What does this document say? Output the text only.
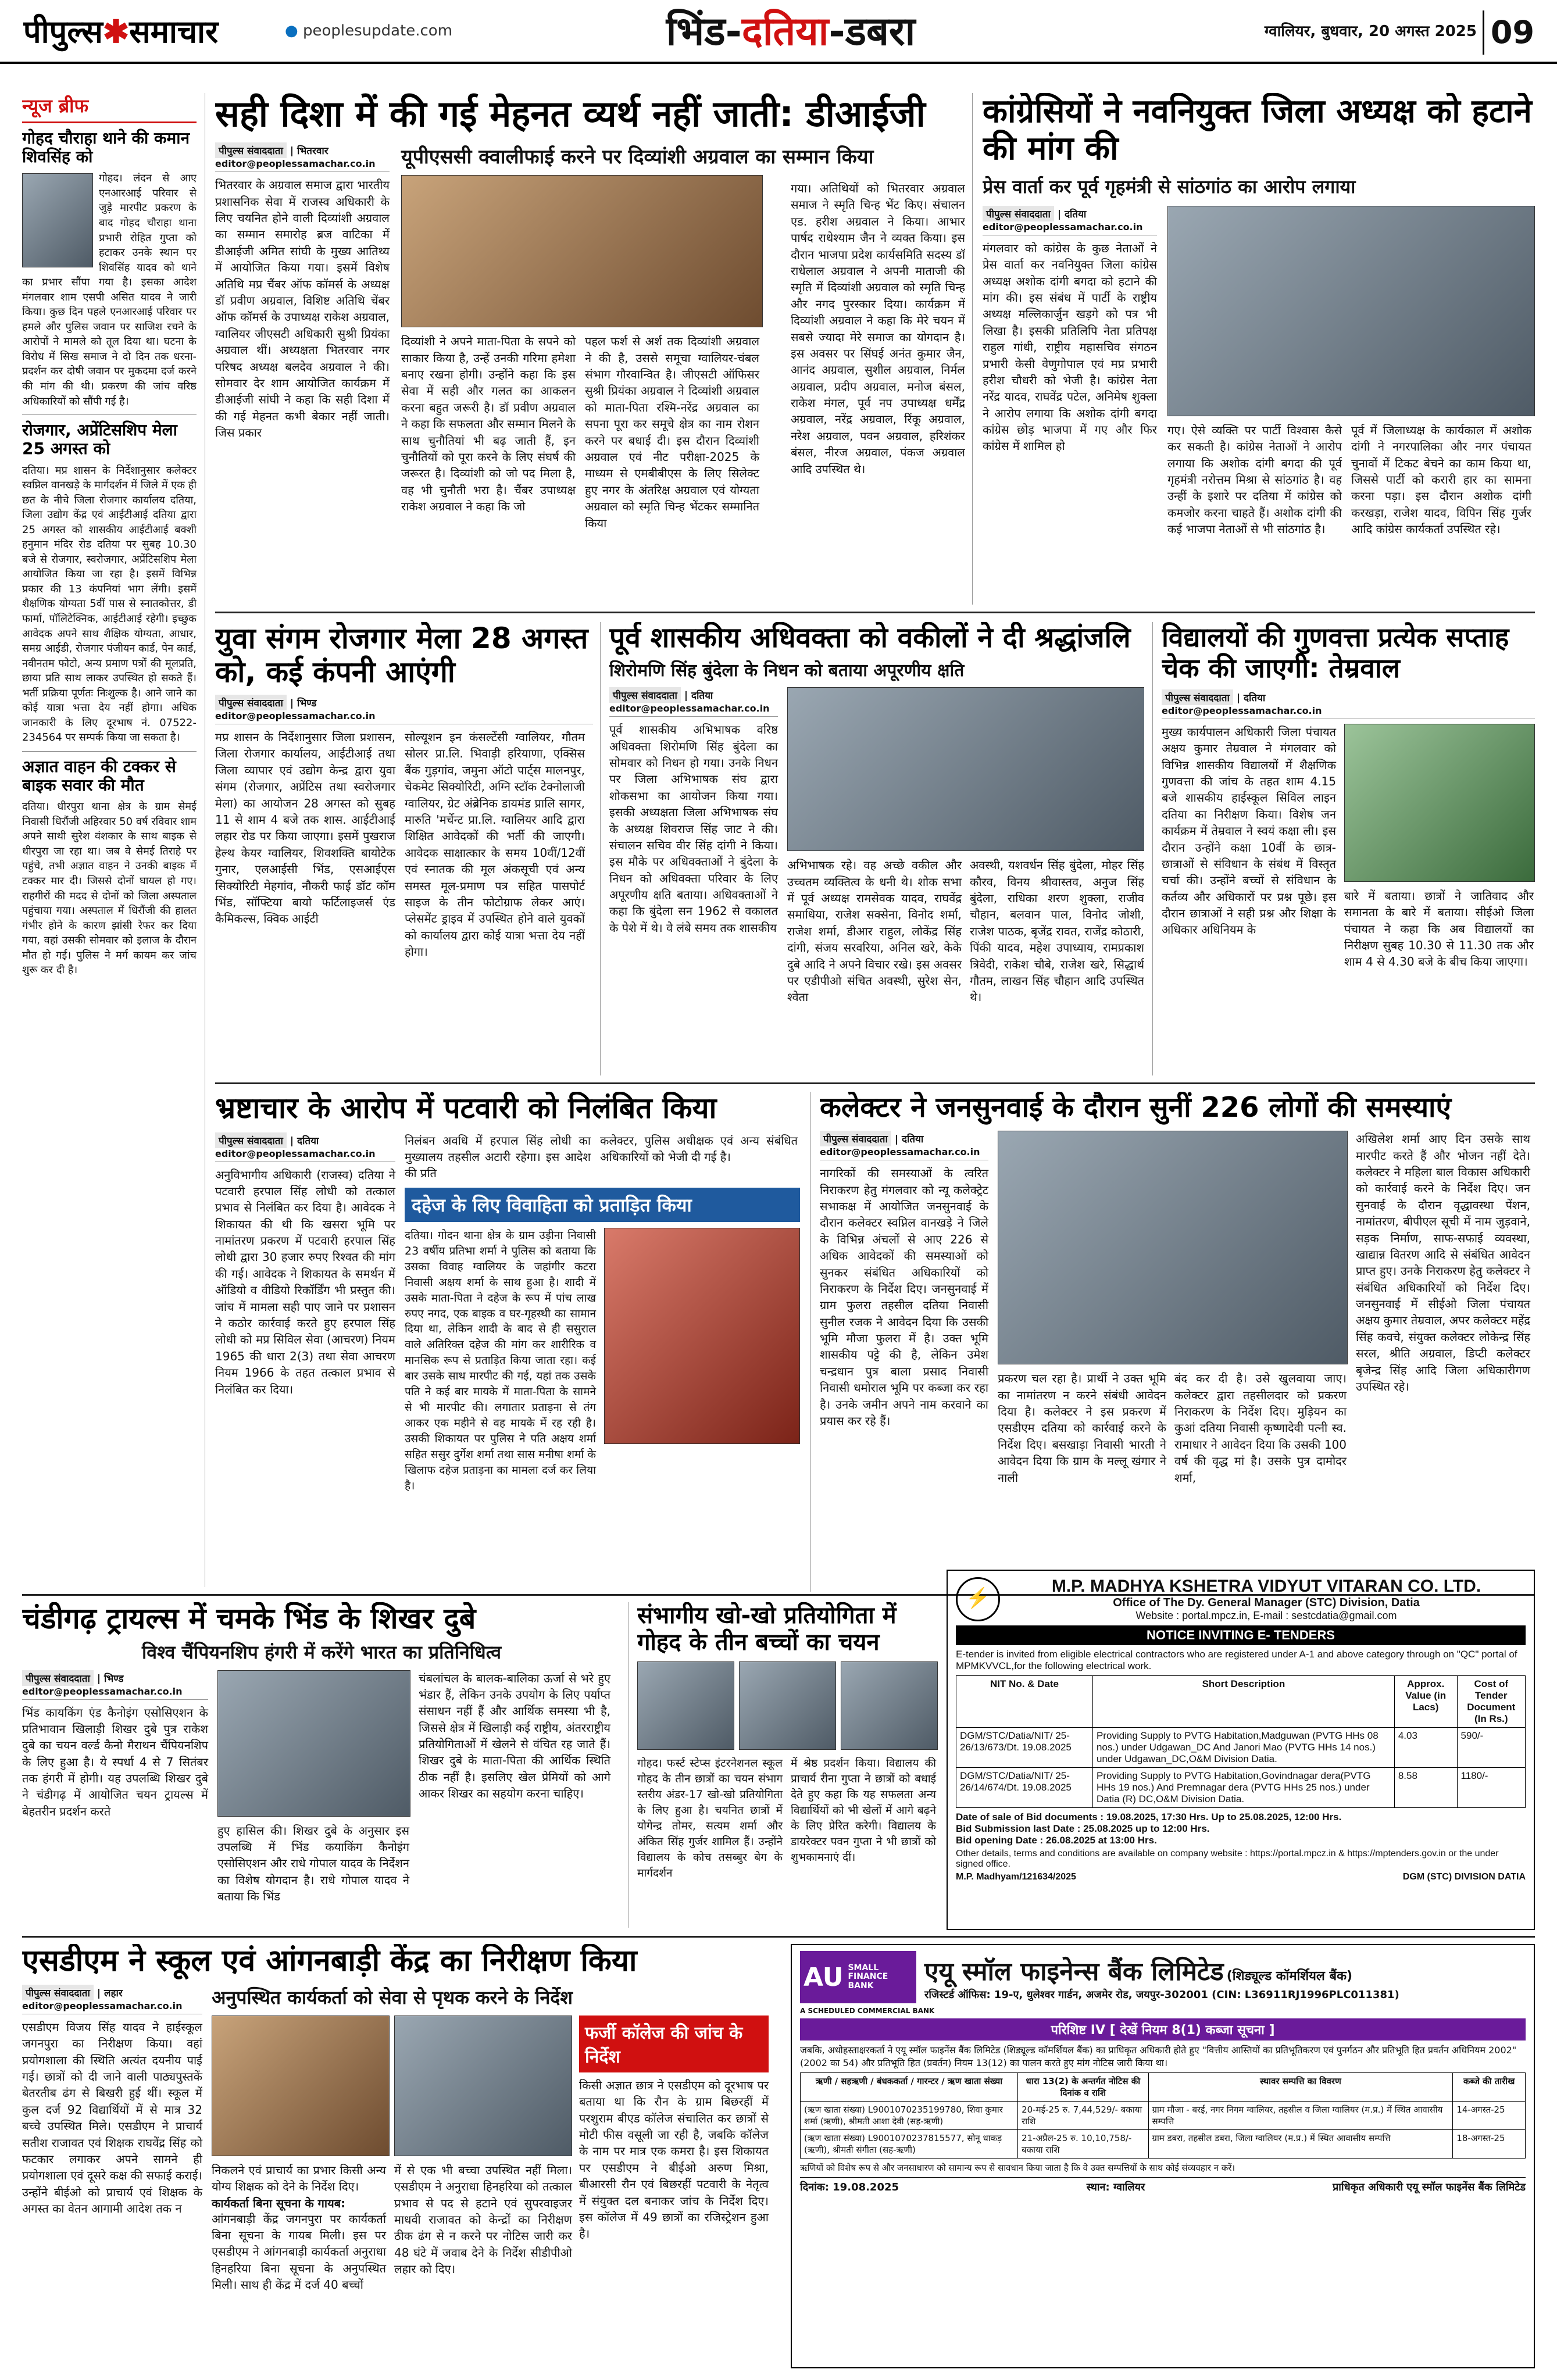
पीपुल्स✱समाचार	● peoplesupdate.com	भिंड-दतिया-डबरा	ग्वालियर, बुधवार, 20 अगस्त 2025 09
न्यूज ब्रीफ
गोहद चौराहा थाने की कमान शिवसिंह को
गोहद। लंदन से आए एनआरआई परिवार से जुड़े मारपीट प्रकरण के बाद गोहद चौराहा थाना प्रभारी रोहित गुप्ता को हटाकर उनके स्थान पर शिवसिंह यादव को थाने का प्रभार सौंपा गया है। इसका आदेश मंगलवार शाम एसपी असित यादव ने जारी किया। कुछ दिन पहले एनआरआई परिवार पर हमले और पुलिस जवान पर साजिश रचने के आरोपों ने मामले को तूल दिया था। घटना के विरोध में सिख समाज ने दो दिन तक धरना-प्रदर्शन कर दोषी जवान पर मुकदमा दर्ज करने की मांग की थी। प्रकरण की जांच वरिष्ठ अधिकारियों को सौंपी गई है।
रोजगार, अप्रेंटिसशिप मेला 25 अगस्त को
दतिया। मप्र शासन के निर्देशानुसार कलेक्टर स्वप्निल वानखड़े के मार्गदर्शन में जिले में एक ही छत के नीचे जिला रोजगार कार्यालय दतिया, जिला उद्योग केंद्र एवं आईटीआई दतिया द्वारा 25 अगस्त को शासकीय आईटीआई बक्शी हनुमान मंदिर रोड दतिया पर सुबह 10.30 बजे से रोजगार, स्वरोजगार, अप्रेंटिसशिप मेला आयोजित किया जा रहा है। इसमें विभिन्न प्रकार की 13 कंपनियां भाग लेंगी। इसमें शैक्षणिक योग्यता 5वीं पास से स्नातकोत्तर, डी फार्मा, पॉलिटेक्निक, आईटीआई रहेगी। इच्छुक आवेदक अपने साथ शैक्षिक योग्यता, आधार, समग्र आईडी, रोजगार पंजीयन कार्ड, पेन कार्ड, नवीनतम फोटो, अन्य प्रमाण पत्रों की मूलप्रति, छाया प्रति साथ लाकर उपस्थित हो सकते हैं। भर्ती प्रक्रिया पूर्णतः निःशुल्क है। आने जाने का कोई यात्रा भत्ता देय नहीं होगा। अधिक जानकारी के लिए दूरभाष नं. 07522-234564 पर सम्पर्क किया जा सकता है।
अज्ञात वाहन की टक्कर से बाइक सवार की मौत
दतिया। धीरपुरा थाना क्षेत्र के ग्राम सेमई निवासी धिरौंजी अहिरवार 50 वर्ष रविवार शाम अपने साथी सुरेश वंशकार के साथ बाइक से धीरपुरा जा रहा था। जब वे सेमई तिराहे पर पहुंचे, तभी अज्ञात वाहन ने उनकी बाइक में टक्कर मार दी। जिससे दोनों घायल हो गए। राहगीरों की मदद से दोनों को जिला अस्पताल पहुंचाया गया। अस्पताल में धिरौंजी की हालत गंभीर होने के कारण झांसी रेफर कर दिया गया, वहां उसकी सोमवार को इलाज के दौरान मौत हो गई। पुलिस ने मर्ग कायम कर जांच शुरू कर दी है।
सही दिशा में की गई मेहनत व्यर्थ नहीं जाती: डीआईजी
पीपुल्स संवाददाता | भितरवार
editor@peoplessamachar.co.in
भितरवार के अग्रवाल समाज द्वारा भारतीय प्रशासनिक सेवा में राजस्व अधिकारी के लिए चयनित होने वाली दिव्यांशी अग्रवाल का सम्मान समारोह ब्रज वाटिका में डीआईजी अमित सांघी के मुख्य आतिथ्य में आयोजित किया गया। इसमें विशेष अतिथि मप्र चैंबर ऑफ कॉमर्स के अध्यक्ष डॉ प्रवीण अग्रवाल, विशिष्ट अतिथि चेंबर ऑफ कॉमर्स के उपाध्यक्ष राकेश अग्रवाल, ग्वालियर जीएसटी अधिकारी सुश्री प्रियंका अग्रवाल थीं। अध्यक्षता भितरवार नगर परिषद अध्यक्ष बलदेव अग्रवाल ने की। सोमवार देर शाम आयोजित कार्यक्रम में डीआईजी सांघी ने कहा कि सही दिशा में की गई मेहनत कभी बेकार नहीं जाती। जिस प्रकार
यूपीएससी क्वालीफाई करने पर दिव्यांशी अग्रवाल का सम्मान किया
दिव्यांशी ने अपने माता-पिता के सपने को साकार किया है, उन्हें उनकी गरिमा हमेशा बनाए रखना होगी। उन्होंने कहा कि इस सेवा में सही और गलत का आकलन करना बहुत जरूरी है। डॉ प्रवीण अग्रवाल ने कहा कि सफलता और सम्मान मिलने के साथ चुनौतियां भी बढ़ जाती हैं, इन चुनौतियों को पूरा करने के लिए संघर्ष की जरूरत है। दिव्यांशी को जो पद मिला है, वह भी चुनौती भरा है। चैंबर उपाध्यक्ष राकेश अग्रवाल ने कहा कि जो
पहल फर्श से अर्श तक दिव्यांशी अग्रवाल ने की है, उससे समूचा ग्वालियर-चंबल संभाग गौरवान्वित है। जीएसटी ऑफिसर सुश्री प्रियंका अग्रवाल ने दिव्यांशी अग्रवाल को माता-पिता रश्मि-नरेंद्र अग्रवाल का सपना पूरा कर समूचे क्षेत्र का नाम रोशन करने पर बधाई दी। इस दौरान दिव्यांशी अग्रवाल एवं नीट परीक्षा-2025 के माध्यम से एमबीबीएस के लिए सिलेक्ट हुए नगर के अंतरिक्ष अग्रवाल एवं योग्यता अग्रवाल को स्मृति चिन्ह भेंटकर सम्मानित किया
गया। अतिथियों को भितरवार अग्रवाल समाज ने स्मृति चिन्ह भेंट किए। संचालन एड. हरीश अग्रवाल ने किया। आभार पार्षद राधेश्याम जैन ने व्यक्त किया। इस दौरान भाजपा प्रदेश कार्यसमिति सदस्य डॉ राधेलाल अग्रवाल ने अपनी माताजी की स्मृति में दिव्यांशी अग्रवाल को स्मृति चिन्ह और नगद पुरस्कार दिया। कार्यक्रम में दिव्यांशी अग्रवाल ने कहा कि मेरे चयन में सबसे ज्यादा मेरे समाज का योगदान है। इस अवसर पर सिंघई अनंत कुमार जैन, आनंद अग्रवाल, सुशील अग्रवाल, निर्मल अग्रवाल, प्रदीप अग्रवाल, मनोज बंसल, राकेश मंगल, पूर्व नप उपाध्यक्ष धर्मेंद्र अग्रवाल, नरेंद्र अग्रवाल, रिंकू अग्रवाल, नरेश अग्रवाल, पवन अग्रवाल, हरिशंकर बंसल, नीरज अग्रवाल, पंकज अग्रवाल आदि उपस्थित थे।
कांग्रेसियों ने नवनियुक्त जिला अध्यक्ष को हटाने की मांग की
प्रेस वार्ता कर पूर्व गृहमंत्री से सांठगांठ का आरोप लगाया
पीपुल्स संवाददाता | दतिया
editor@peoplessamachar.co.in
मंगलवार को कांग्रेस के कुछ नेताओं ने प्रेस वार्ता कर नवनियुक्त जिला कांग्रेस अध्यक्ष अशोक दांगी बगदा को हटाने की मांग की। इस संबंध में पार्टी के राष्ट्रीय अध्यक्ष मल्लिकार्जुन खड़गे को पत्र भी लिखा है। इसकी प्रतिलिपि नेता प्रतिपक्ष राहुल गांधी, राष्ट्रीय महासचिव संगठन प्रभारी केसी वेणुगोपाल एवं मप्र प्रभारी हरीश चौधरी को भेजी है। कांग्रेस नेता नरेंद्र यादव, राघवेंद्र पटेल, अनिमेष शुक्ला ने आरोप लगाया कि अशोक दांगी बगदा कांग्रेस छोड़ भाजपा में गए और फिर कांग्रेस में शामिल हो
गए। ऐसे व्यक्ति पर पार्टी विश्वास कैसे कर सकती है। कांग्रेस नेताओं ने आरोप लगाया कि अशोक दांगी बगदा की पूर्व गृहमंत्री नरोत्तम मिश्रा से सांठगांठ है। वह उन्हीं के इशारे पर दतिया में कांग्रेस को कमजोर करना चाहते हैं। अशोक दांगी की कई भाजपा नेताओं से भी सांठगांठ है।
पूर्व में जिलाध्यक्ष के कार्यकाल में अशोक दांगी ने नगरपालिका और नगर पंचायत चुनावों में टिकट बेचने का काम किया था, जिससे पार्टी को करारी हार का सामना करना पड़ा। इस दौरान अशोक दांगी करखड़ा, राजेश यादव, विपिन सिंह गुर्जर आदि कांग्रेस कार्यकर्ता उपस्थित रहे।
युवा संगम रोजगार मेला 28 अगस्त को, कई कंपनी आएंगी
पीपुल्स संवाददाता | भिण्ड
editor@peoplessamachar.co.in
मप्र शासन के निर्देशानुसार जिला प्रशासन, जिला रोजगार कार्यालय, आईटीआई तथा जिला व्यापार एवं उद्योग केन्द्र द्वारा युवा संगम (रोजगार, अप्रेंटिस तथा स्वरोजगार मेला) का आयोजन 28 अगस्त को सुबह 11 से शाम 4 बजे तक शास. आईटीआई लहार रोड पर किया जाएगा। इसमें पुखराज हेल्थ केयर ग्वालियर, शिवशक्ति बायोटेक गुनार, एलआईसी भिंड, एसआईएस सिक्योरिटी मेहगांव, नौकरी फाई डॉट कॉम भिंड, सॉफ्टिया बायो फर्टिलाइजर्स एंड कैमिकल्स, क्विक आईटी
सोल्यूशन इन कंसल्टेंसी ग्वालियर, गौतम सोलर प्रा.लि. भिवाड़ी हरियाणा, एक्सिस बैंक गुड़गांव, जमुना ऑटो पार्ट्स मालनपुर, चेकमेट सिक्योरिटी, अग्नि स्टॉक टेक्नोलाजी ग्वालियर, ग्रेट अंब्रेनिक डायमंड प्रालि सागर, मारुति 'मर्चेन्ट प्रा.लि. ग्वालियर आदि द्वारा शिक्षित आवेदकों की भर्ती की जाएगी। आवेदक साक्षात्कार के समय 10वीं/12वीं एवं स्नातक की मूल अंकसूची एवं अन्य समस्त मूल-प्रमाण पत्र सहित पासपोर्ट साइज के तीन फोटोग्राफ लेकर आएं। प्लेसमेंट ड्राइव में उपस्थित होने वाले युवकों को कार्यालय द्वारा कोई यात्रा भत्ता देय नहीं होगा।
पूर्व शासकीय अधिवक्ता को वकीलों ने दी श्रद्धांजलि
शिरोमणि सिंह बुंदेला के निधन को बताया अपूरणीय क्षति
पीपुल्स संवाददाता | दतिया
editor@peoplessamachar.co.in
पूर्व शासकीय अभिभाषक वरिष्ठ अधिवक्ता शिरोमणि सिंह बुंदेला का सोमवार को निधन हो गया। उनके निधन पर जिला अभिभाषक संघ द्वारा शोकसभा का आयोजन किया गया। इसकी अध्यक्षता जिला अभिभाषक संघ के अध्यक्ष शिवराज सिंह जाट ने की। संचालन सचिव वीर सिंह दांगी ने किया। इस मौके पर अधिवक्ताओं ने बुंदेला के निधन को अधिवक्ता परिवार के लिए अपूरणीय क्षति बताया। अधिवक्ताओं ने कहा कि बुंदेला सन 1962 से वकालत के पेशे में थे। वे लंबे समय तक शासकीय
अभिभाषक रहे। वह अच्छे वकील और उच्चतम व्यक्तित्व के धनी थे। शोक सभा में पूर्व अध्यक्ष रामसेवक यादव, राघवेंद्र समाधिया, राजेश सक्सेना, विनोद शर्मा, राजेश शर्मा, डीआर राहुल, लोकेंद्र सिंह दांगी, संजय सरवरिया, अनिल खरे, केके दुबे आदि ने अपने विचार रखे। इस अवसर पर एडीपीओ संचित अवस्थी, सुरेश सेन, श्वेता
अवस्थी, यशवर्धन सिंह बुंदेला, मोहर सिंह कौरव, विनय श्रीवास्तव, अनुज सिंह बुंदेला, राधिका शरण शुक्ला, राजीव चौहान, बलवान पाल, विनोद जोशी, राजेश पाठक, बृजेंद्र रावत, राजेंद्र कोठारी, पिंकी यादव, महेश उपाध्याय, रामप्रकाश त्रिवेदी, राकेश चौबे, राजेश खरे, सिद्धार्थ गौतम, लाखन सिंह चौहान आदि उपस्थित थे।
विद्यालयों की गुणवत्ता प्रत्येक सप्ताह चेक की जाएगी: तेम्रवाल
पीपुल्स संवाददाता | दतिया
editor@peoplessamachar.co.in
मुख्य कार्यपालन अधिकारी जिला पंचायत अक्षय कुमार तेम्रवाल ने मंगलवार को विभिन्न शासकीय विद्यालयों में शैक्षणिक गुणवत्ता की जांच के तहत शाम 4.15 बजे शासकीय हाईस्कूल सिविल लाइन दतिया का निरीक्षण किया। विशेष जन कार्यक्रम में तेम्रवाल ने स्वयं कक्षा ली। इस दौरान उन्होंने कक्षा 10वीं के छात्र-छात्राओं से संविधान के संबंध में विस्तृत चर्चा की। उन्होंने बच्चों से संविधान के कर्तव्य और अधिकारों पर प्रश्न पूछे। इस दौरान छात्राओं ने सही प्रश्न और शिक्षा के अधिकार अधिनियम के
बारे में बताया। छात्रों ने जातिवाद और समानता के बारे में बताया। सीईओ जिला पंचायत ने कहा कि अब विद्यालयों का निरीक्षण सुबह 10.30 से 11.30 तक और शाम 4 से 4.30 बजे के बीच किया जाएगा।
भ्रष्टाचार के आरोप में पटवारी को निलंबित किया
पीपुल्स संवाददाता | दतिया
editor@peoplessamachar.co.in
अनुविभागीय अधिकारी (राजस्व) दतिया ने पटवारी हरपाल सिंह लोधी को तत्काल प्रभाव से निलंबित कर दिया है। आवेदक ने शिकायत की थी कि खसरा भूमि पर नामांतरण प्रकरण में पटवारी हरपाल सिंह लोधी द्वारा 30 हजार रुपए रिश्वत की मांग की गई। आवेदक ने शिकायत के समर्थन में ऑडियो व वीडियो रिकॉर्डिंग भी प्रस्तुत की। जांच में मामला सही पाए जाने पर प्रशासन ने कठोर कार्रवाई करते हुए हरपाल सिंह लोधी को मप्र सिविल सेवा (आचरण) नियम 1965 की धारा 2(3) तथा सेवा आचरण नियम 1966 के तहत तत्काल प्रभाव से निलंबित कर दिया।
निलंबन अवधि में हरपाल सिंह लोधी का मुख्यालय तहसील अटारी रहेगा। इस आदेश की प्रति
कलेक्टर, पुलिस अधीक्षक एवं अन्य संबंधित अधिकारियों को भेजी दी गई है।
दहेज के लिए विवाहिता को प्रताड़ित किया
दतिया। गोदन थाना क्षेत्र के ग्राम उड़ीना निवासी 23 वर्षीय प्रतिभा शर्मा ने पुलिस को बताया कि उसका विवाह ग्वालियर के जहांगीर कटरा निवासी अक्षय शर्मा के साथ हुआ है। शादी में उसके माता-पिता ने दहेज के रूप में पांच लाख रुपए नगद, एक बाइक व घर-गृहस्थी का सामान दिया था, लेकिन शादी के बाद से ही ससुराल वाले अतिरिक्त दहेज की मांग कर शारीरिक व मानसिक रूप से प्रताड़ित किया जाता रहा। कई बार उसके साथ मारपीट की गई, यहां तक उसके पति ने कई बार मायके में माता-पिता के सामने से भी मारपीट की। लगातार प्रताड़ना से तंग आकर एक महीने से वह मायके में रह रही है। उसकी शिकायत पर पुलिस ने पति अक्षय शर्मा सहित ससुर दुर्गेश शर्मा तथा सास मनीषा शर्मा के खिलाफ दहेज प्रताड़ना का मामला दर्ज कर लिया है।
कलेक्टर ने जनसुनवाई के दौरान सुनीं 226 लोगों की समस्याएं
पीपुल्स संवाददाता | दतिया
editor@peoplessamachar.co.in
नागरिकों की समस्याओं के त्वरित निराकरण हेतु मंगलवार को न्यू कलेक्ट्रेट सभाकक्ष में आयोजित जनसुनवाई के दौरान कलेक्टर स्वप्निल वानखड़े ने जिले के विभिन्न अंचलों से आए 226 से अधिक आवेदकों की समस्याओं को सुनकर संबंधित अधिकारियों को निराकरण के निर्देश दिए। जनसुनवाई में ग्राम फुलरा तहसील दतिया निवासी सुनील रजक ने आवेदन दिया कि उसकी भूमि मौजा फुलरा में है। उक्त भूमि शासकीय पट्टे की है, लेकिन उमेश चन्द्रधान पुत्र बाला प्रसाद निवासी निवासी धमोराल भूमि पर कब्जा कर रहा है। उनके जमीन अपने नाम करवाने का प्रयास कर रहे हैं।
प्रकरण चल रहा है। प्रार्थी ने उक्त भूमि का नामांतरण न करने संबंधी आवेदन दिया है। कलेक्टर ने इस प्रकरण में एसडीएम दतिया को कार्रवाई करने के निर्देश दिए। बसखाड़ा निवासी भारती ने आवेदन दिया कि ग्राम के मल्लू खंगार ने नाली
बंद कर दी है। उसे खुलवाया जाए। कलेक्टर द्वारा तहसीलदार को प्रकरण निराकरण के निर्देश दिए। मुड़ियन का कुआं दतिया निवासी कृष्णादेवी पत्नी स्व. रामाधार ने आवेदन दिया कि उसकी 100 वर्ष की वृद्ध मां है। उसके पुत्र दामोदर शर्मा,
अखिलेश शर्मा आए दिन उसके साथ मारपीट करते हैं और भोजन नहीं देते। कलेक्टर ने महिला बाल विकास अधिकारी को कार्रवाई करने के निर्देश दिए। जन सुनवाई के दौरान वृद्धावस्था पेंशन, नामांतरण, बीपीएल सूची में नाम जुड़वाने, सड़क निर्माण, साफ-सफाई व्यवस्था, खाद्यान्न वितरण आदि से संबंधित आवेदन प्राप्त हुए। उनके निराकरण हेतु कलेक्टर ने संबंधित अधिकारियों को निर्देश दिए। जनसुनवाई में सीईओ जिला पंचायत अक्षय कुमार तेम्रवाल, अपर कलेक्टर महेंद्र सिंह कवचे, संयुक्त कलेक्टर लोकेन्द्र सिंह सरल, श्रीति अग्रवाल, डिप्टी कलेक्टर बृजेन्द्र सिंह आदि जिला अधिकारीगण उपस्थित रहे।
चंडीगढ़ ट्रायल्स में चमके भिंड के शिखर दुबे
विश्व चैंपियनशिप हंगरी में करेंगे भारत का प्रतिनिधित्व
पीपुल्स संवाददाता | भिण्ड
editor@peoplessamachar.co.in
भिंड कायकिंग एंड कैनोइंग एसोसिएशन के प्रतिभावान खिलाड़ी शिखर दुबे पुत्र राकेश दुबे का चयन वर्ल्ड कैनो मैराथन चैंपियनशिप के लिए हुआ है। ये स्पर्धा 4 से 7 सितंबर तक हंगरी में होगी। यह उपलब्धि शिखर दुबे ने चंडीगढ़ में आयोजित चयन ट्रायल्स में बेहतरीन प्रदर्शन करते
हुए हासिल की। शिखर दुबे के अनुसार इस उपलब्धि में भिंड कयाकिंग कैनोइंग एसोसिएशन और राधे गोपाल यादव के निर्देशन का विशेष योगदान है। राधे गोपाल यादव ने बताया कि भिंड
चंबलांचल के बालक-बालिका ऊर्जा से भरे हुए भंडार हैं, लेकिन उनके उपयोग के लिए पर्याप्त संसाधन नहीं हैं और आर्थिक समस्या भी है, जिससे क्षेत्र में खिलाड़ी कई राष्ट्रीय, अंतरराष्ट्रीय प्रतियोगिताओं में खेलने से वंचित रह जाते हैं। शिखर दुबे के माता-पिता की आर्थिक स्थिति ठीक नहीं है। इसलिए खेल प्रेमियों को आगे आकर शिखर का सहयोग करना चाहिए।
संभागीय खो-खो प्रतियोगिता में गोहद के तीन बच्चों का चयन
गोहद। फर्स्ट स्टेप्स इंटरनेशनल स्कूल गोहद के तीन छात्रों का चयन संभाग स्तरीय अंडर-17 खो-खो प्रतियोगिता के लिए हुआ है। चयनित छात्रों में योगेन्द्र तोमर, सत्यम शर्मा और अंकित सिंह गुर्जर शामिल हैं। उन्होंने विद्यालय के कोच तसब्बुर बेग के मार्गदर्शन
में श्रेष्ठ प्रदर्शन किया। विद्यालय की प्राचार्य रीना गुप्ता ने छात्रों को बधाई देते हुए कहा कि यह सफलता अन्य विद्यार्थियों को भी खेलों में आगे बढ़ने के लिए प्रेरित करेगी। विद्यालय के डायरेक्टर पवन गुप्ता ने भी छात्रों को शुभकामनाएं दीं।
⚡
M.P. MADHYA KSHETRA VIDYUT VITARAN CO. LTD.
Office of The Dy. General Manager (STC) Division, Datia
Website : portal.mpcz.in, E-mail : sestcdatia@gmail.com
NOTICE INVITING E- TENDERS
E-tender is invited from eligible electrical contractors who are registered under A-1 and above category through on "QC" portal of MPMKVVCL,for the following electrical work.
NIT No. & Date	Short Description	Approx. Value (in Lacs)	Cost of Tender Document (In Rs.)
DGM/STC/Datia/NIT/ 25-26/13/673/Dt. 19.08.2025	Providing Supply to PVTG Habitation,Madguwan (PVTG HHs 08 nos.) under Udgawan_DC And Janori Mao (PVTG HHs 14 nos.) under Udgawan_DC,O&M Division Datia.	4.03	590/-
DGM/STC/Datia/NIT/ 25-26/14/674/Dt. 19.08.2025	Providing Supply to PVTG Habitation,Govindnagar dera(PVTG HHs 19 nos.) And Premnagar dera (PVTG HHs 25 nos.) under Datia (R) DC,O&M Division Datia.	8.58	1180/-
Date of sale of Bid documents : 19.08.2025, 17:30 Hrs. Up to 25.08.2025, 12:00 Hrs.
Bid Submission last Date : 25.08.2025 up to 12:00 Hrs.
Bid opening Date : 26.08.2025 at 13:00 Hrs.
Other details, terms and conditions are available on company website : https://portal.mpcz.in & https://mptenders.gov.in or the under signed office.
M.P. Madhyam/121634/2025	DGM (STC) DIVISION DATIA
एसडीएम ने स्कूल एवं आंगनबाड़ी केंद्र का निरीक्षण किया
पीपुल्स संवाददाता | लहार
editor@peoplessamachar.co.in
एसडीएम विजय सिंह यादव ने हाईस्कूल जगनपुरा का निरीक्षण किया। वहां प्रयोगशाला की स्थिति अत्यंत दयनीय पाई गई। छात्रों को दी जाने वाली पाठ्यपुस्तकें बेतरतीब ढंग से बिखरी हुई थीं। स्कूल में कुल दर्ज 92 विद्यार्थियों में से मात्र 32 बच्चे उपस्थित मिले। एसडीएम ने प्राचार्य सतीश राजावत एवं शिक्षक राघवेंद्र सिंह को फटकार लगाकर अपने सामने ही प्रयोगशाला एवं दूसरे कक्ष की सफाई कराई। उन्होंने बीईओ को प्राचार्य एवं शिक्षक के अगस्त का वेतन आगामी आदेश तक न
अनुपस्थित कार्यकर्ता को सेवा से पृथक करने के निर्देश
निकलने एवं प्राचार्य का प्रभार किसी अन्य योग्य शिक्षक को देने के निर्देश दिए।
कार्यकर्ता बिना सूचना के गायब:
आंगनबाड़ी केंद्र जगनपुरा पर कार्यकर्ता बिना सूचना के गायब मिली। इस पर एसडीएम ने आंगनबाड़ी कार्यकर्ता अनुराधा हिनहरिया बिना सूचना के अनुपस्थित मिली। साथ ही केंद्र में दर्ज 40 बच्चों
में से एक भी बच्चा उपस्थित नहीं मिला। एसडीएम ने अनुराधा हिनहरिया को तत्काल प्रभाव से पद से हटाने एवं सुपरवाइजर माधवी राजावत को केन्द्रों का निरीक्षण ठीक ढंग से न करने पर नोटिस जारी कर 48 घंटे में जवाब देने के निर्देश सीडीपीओ लहार को दिए।
फर्जी कॉलेज की जांच के निर्देश
किसी अज्ञात छात्र ने एसडीएम को दूरभाष पर बताया था कि रौन के ग्राम बिछरहीं में परशुराम बीएड कॉलेज संचालित कर छात्रों से मोटी फीस वसूली जा रही है, जबकि कॉलेज के नाम पर मात्र एक कमरा है। इस शिकायत पर एसडीएम ने बीईओ अरुण मिश्रा, बीआरसी रौन एवं बिछरहीं पटवारी के नेतृत्व में संयुक्त दल बनाकर जांच के निर्देश दिए। इस कॉलेज में 49 छात्रों का रजिस्ट्रेशन हुआ है।
AU SMALL
FINANCE
BANK	एयू स्मॉल फाइनेन्स बैंक लिमिटेड (शिड्यूल्ड कॉमर्शियल बैंक)
रजिस्टर्ड ऑफिस: 19-ए, धुलेश्वर गार्डन, अजमेर रोड, जयपुर-302001 (CIN: L36911RJ1996PLC011381)
A SCHEDULED COMMERCIAL BANK
परिशिष्ट IV [ देखें नियम 8(1) कब्जा सूचना ]
जबकि, अधोहस्ताक्षरकर्ता ने एयू स्मॉल फाइनेंस बैंक लिमिटेड (शिड्यूल्ड कॉमर्शियल बैंक) का प्राधिकृत अधिकारी होते हुए "वित्तीय आस्तियों का प्रतिभूतिकरण एवं पुनर्गठन और प्रतिभूति हित प्रवर्तन अधिनियम 2002" (2002 का 54) और प्रतिभूति हित (प्रवर्तन) नियम 13(12) का पालन करते हुए मांग नोटिस जारी किया था।
ऋणी / सहऋणी / बंधककर्ता / गारन्टर / ऋण खाता संख्या	धारा 13(2) के अन्तर्गत नोटिस की दिनांक व राशि	स्थावर सम्पत्ति का विवरण	कब्जे की तारीख
(ऋण खाता संख्या) L9001070235199780, शिवा कुमार शर्मा (ऋणी), श्रीमती आशा देवी (सह-ऋणी)	20-मई-25 रु. 7,44,529/- बकाया राशि	ग्राम मौजा - बरई, नगर निगम ग्वालियर, तहसील व जिला ग्वालियर (म.प्र.) में स्थित आवासीय सम्पत्ति	14-अगस्त-25
(ऋण खाता संख्या) L9001070237815577, सोनू धाकड़ (ऋणी), श्रीमती संगीता (सह-ऋणी)	21-अप्रैल-25 रु. 10,10,758/- बकाया राशि	ग्राम डबरा, तहसील डबरा, जिला ग्वालियर (म.प्र.) में स्थित आवासीय सम्पत्ति	18-अगस्त-25
ऋणियों को विशेष रूप से और जनसाधारण को सामान्य रूप से सावधान किया जाता है कि वे उक्त सम्पत्तियों के साथ कोई संव्यवहार न करें।
दिनांक: 19.08.2025	स्थान: ग्वालियर	प्राधिकृत अधिकारी एयू स्मॉल फाइनेंस बैंक लिमिटेड
